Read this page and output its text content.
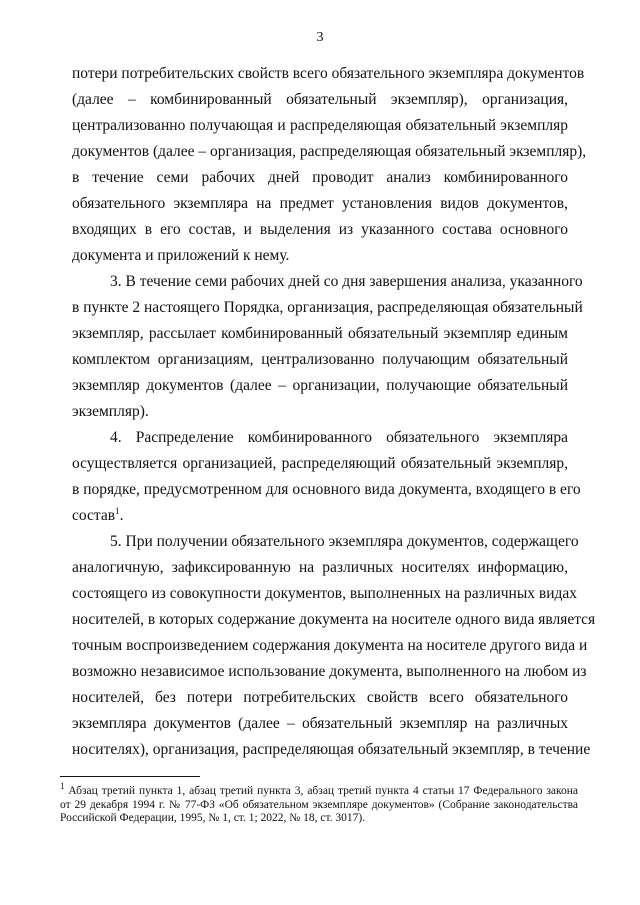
3
потери потребительских свойств всего обязательного экземпляра документов
(далее – комбинированный обязательный экземпляр), организация,
централизованно получающая и распределяющая обязательный экземпляр
документов (далее – организация, распределяющая обязательный экземпляр),
в течение семи рабочих дней проводит анализ комбинированного
обязательного экземпляра на предмет установления видов документов,
входящих в его состав, и выделения из указанного состава основного
документа и приложений к нему.
3. В течение семи рабочих дней со дня завершения анализа, указанного
в пункте 2 настоящего Порядка, организация, распределяющая обязательный
экземпляр, рассылает комбинированный обязательный экземпляр единым
комплектом организациям, централизованно получающим обязательный
экземпляр документов (далее – организации, получающие обязательный
экземпляр).
4. Распределение комбинированного обязательного экземпляра
осуществляется организацией, распределяющий обязательный экземпляр,
в порядке, предусмотренном для основного вида документа, входящего в его
состав$^1$.
5. При получении обязательного экземпляра документов, содержащего
аналогичную, зафиксированную на различных носителях информацию,
состоящего из совокупности документов, выполненных на различных видах
носителей, в которых содержание документа на носителе одного вида является
точным воспроизведением содержания документа на носителе другого вида и
возможно независимое использование документа, выполненного на любом из
носителей, без потери потребительских свойств всего обязательного
экземпляра документов (далее – обязательный экземпляр на различных
носителях), организация, распределяющая обязательный экземпляр, в течение
$^1$ Абзац третий пункта 1, абзац третий пункта 3, абзац третий пункта 4 статьи 17 Федерального закона
от 29 декабря 1994 г. № 77-ФЗ «Об обязательном экземпляре документов» (Собрание законодательства
Российской Федерации, 1995, № 1, ст. 1; 2022, № 18, ст. 3017).
